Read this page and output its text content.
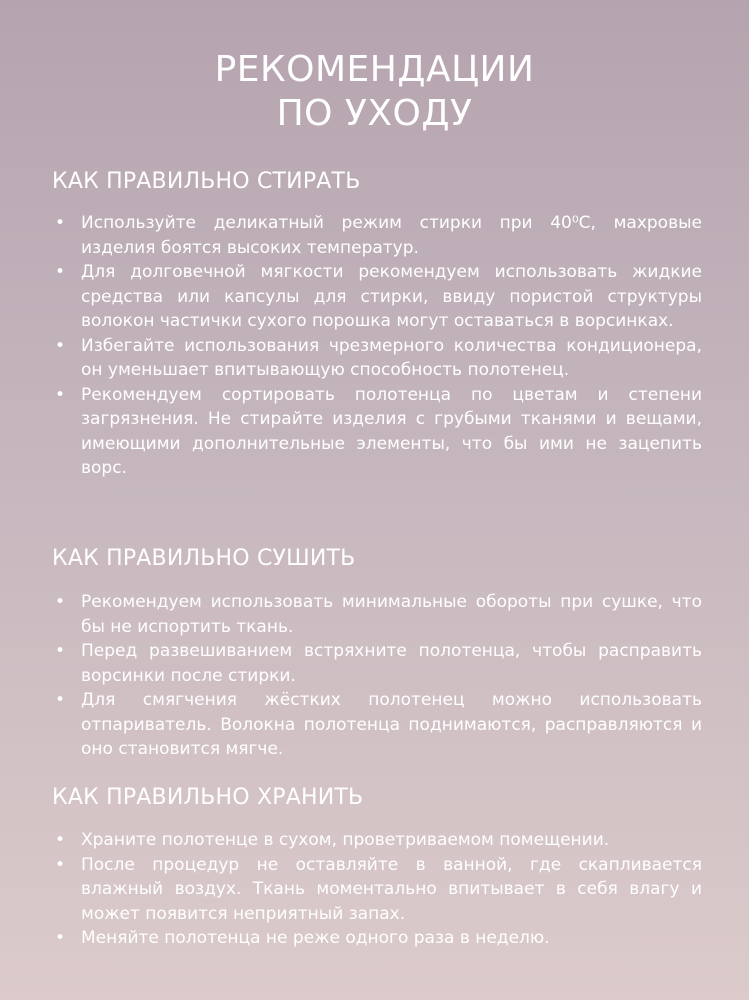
РЕКОМЕНДАЦИИ
ПО УХОДУ
КАК ПРАВИЛЬНО СТИРАТЬ
• Используйте деликатный режим стирки при 40⁰С, махровые изделия боятся высоких температур.
• Для долговечной мягкости рекомендуем использовать жидкие средства или капсулы для стирки, ввиду пористой структуры волокон частички сухого порошка могут оставаться в ворсинках.
• Избегайте использования чрезмерного количества кондиционера, он уменьшает впитывающую способность полотенец.
• Рекомендуем сортировать полотенца по цветам и степени загрязнения. Не стирайте изделия с грубыми тканями и вещами, имеющими дополнительные элементы, что бы ими не зацепить ворс.
КАК ПРАВИЛЬНО СУШИТЬ
• Рекомендуем использовать минимальные обороты при сушке, что бы не испортить ткань.
• Перед развешиванием встряхните полотенца, чтобы расправить ворсинки после стирки.
• Для смягчения жёстких полотенец можно использовать отпариватель. Волокна полотенца поднимаются, расправляются и оно становится мягче.
КАК ПРАВИЛЬНО ХРАНИТЬ
• Храните полотенце в сухом, проветриваемом помещении.
• После процедур не оставляйте в ванной, где скапливается влажный воздух. Ткань моментально впитывает в себя влагу и может появится неприятный запах.
• Меняйте полотенца не реже одного раза в неделю.
